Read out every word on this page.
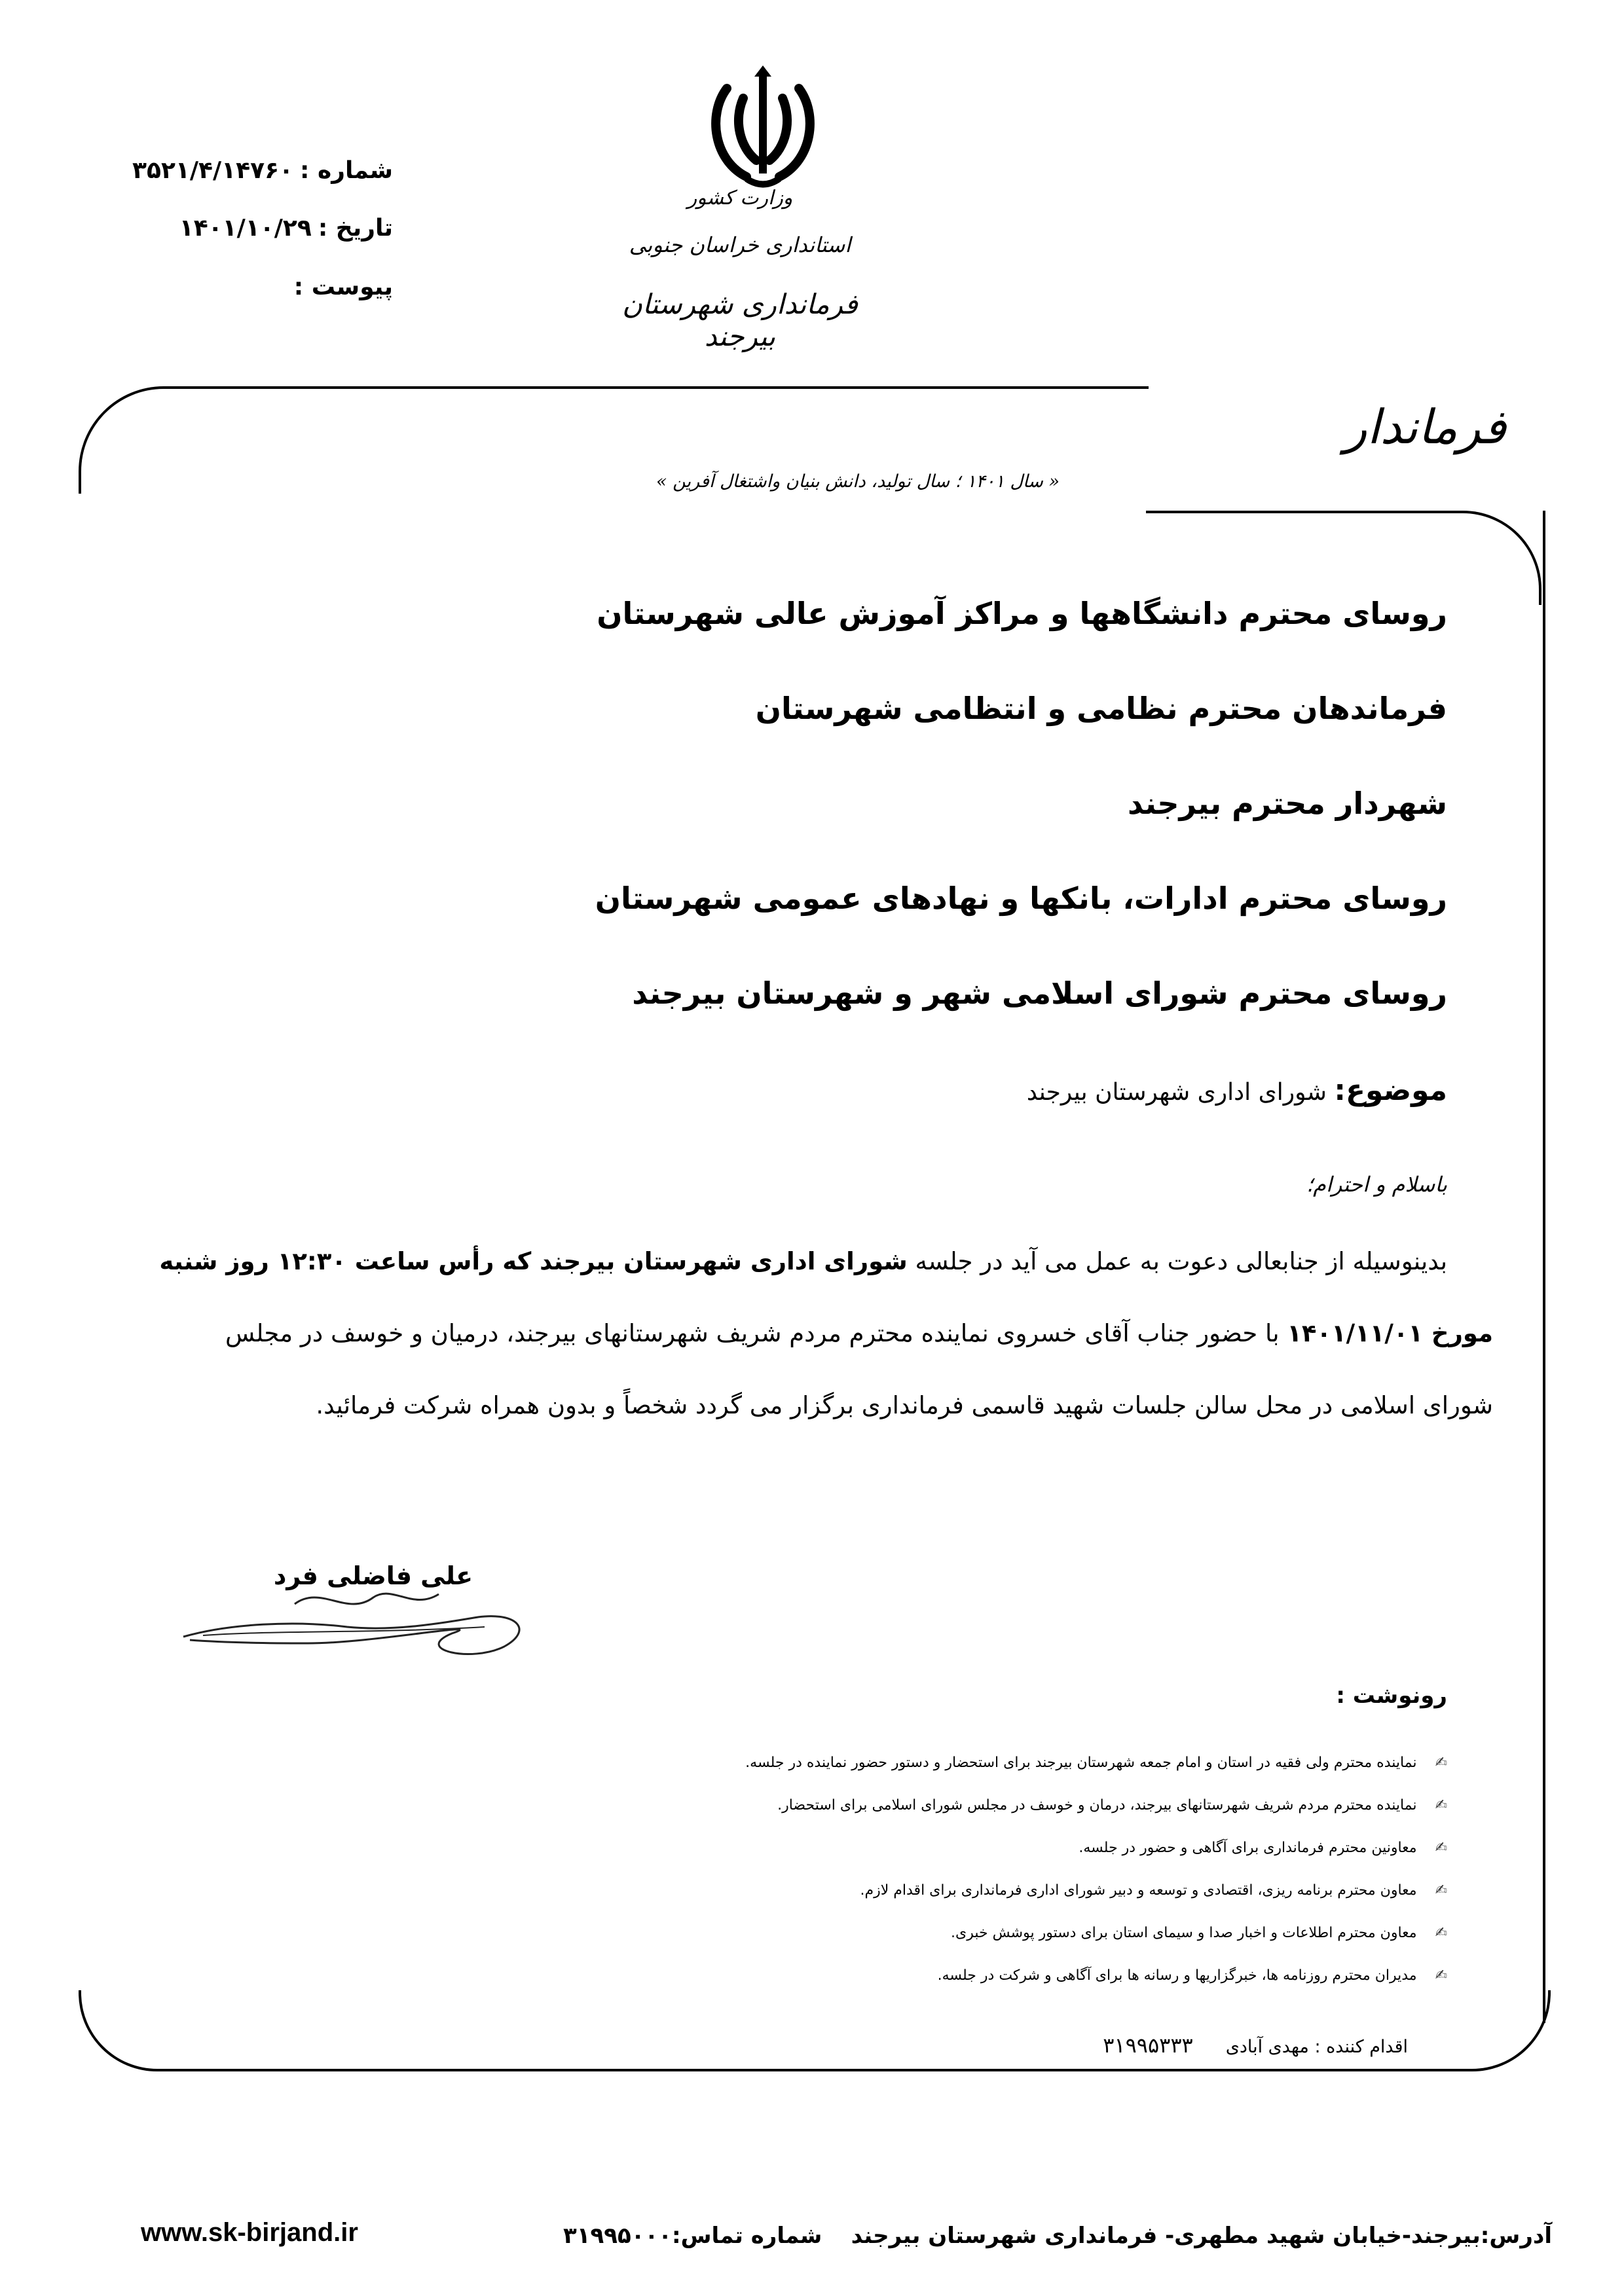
شماره :۳۵۲۱/۴/۱۴۷۶۰
تاریخ :۱۴۰۱/۱۰/۲۹
پیوست :
وزارت کشور
استانداری خراسان جنوبی
فرمانداری شهرستان بیرجند
فرماندار
« سال ۱۴۰۱ ؛ سال تولید، دانش بنیان واشتغال آفرین »
روسای محترم دانشگاهها و مراکز آموزش عالی شهرستان
فرماندهان محترم نظامی و انتظامی شهرستان
شهردار محترم بیرجند
روسای محترم ادارات، بانکها و نهادهای عمومی شهرستان
روسای محترم شورای اسلامی شهر و شهرستان بیرجند
موضوع: شورای اداری شهرستان بیرجند
باسلام و احترام؛
بدینوسیله از جنابعالی دعوت به عمل می آید در جلسه شورای اداری شهرستان بیرجند که رأس ساعت ۱۲:۳۰ روز شنبه
مورخ ۱۴۰۱/۱۱/۰۱ با حضور جناب آقای خسروی نماینده محترم مردم شریف شهرستانهای بیرجند، درمیان و خوسف در مجلس
شورای اسلامی در محل سالن جلسات شهید قاسمی فرمانداری برگزار می گردد شخصاً و بدون همراه شرکت فرمائید.
علی فاضلی فرد
رونوشت :
✍نماینده محترم ولی فقیه در استان و امام جمعه شهرستان بیرجند برای استحضار و دستور حضور نماینده در جلسه.
✍نماینده محترم مردم شریف شهرستانهای بیرجند، درمان و خوسف در مجلس شورای اسلامی برای استحضار.
✍معاونین محترم فرمانداری برای آگاهی و حضور در جلسه.
✍معاون محترم برنامه ریزی، اقتصادی و توسعه و دبیر شورای اداری فرمانداری برای اقدام لازم.
✍معاون محترم اطلاعات و اخبار صدا و سیمای استان برای دستور پوشش خبری.
✍مدیران محترم روزنامه ها، خبرگزاریها و رسانه ها برای آگاهی و شرکت در جلسه.
اقدام کننده : مهدی آبادی۳۱۹۹۵۳۳۳
www.sk-birjand.ir	شماره تماس:۳۱۹۹۵۰۰۰ آدرس:بیرجند-خیابان شهید مطهری- فرمانداری شهرستان بیرجند
